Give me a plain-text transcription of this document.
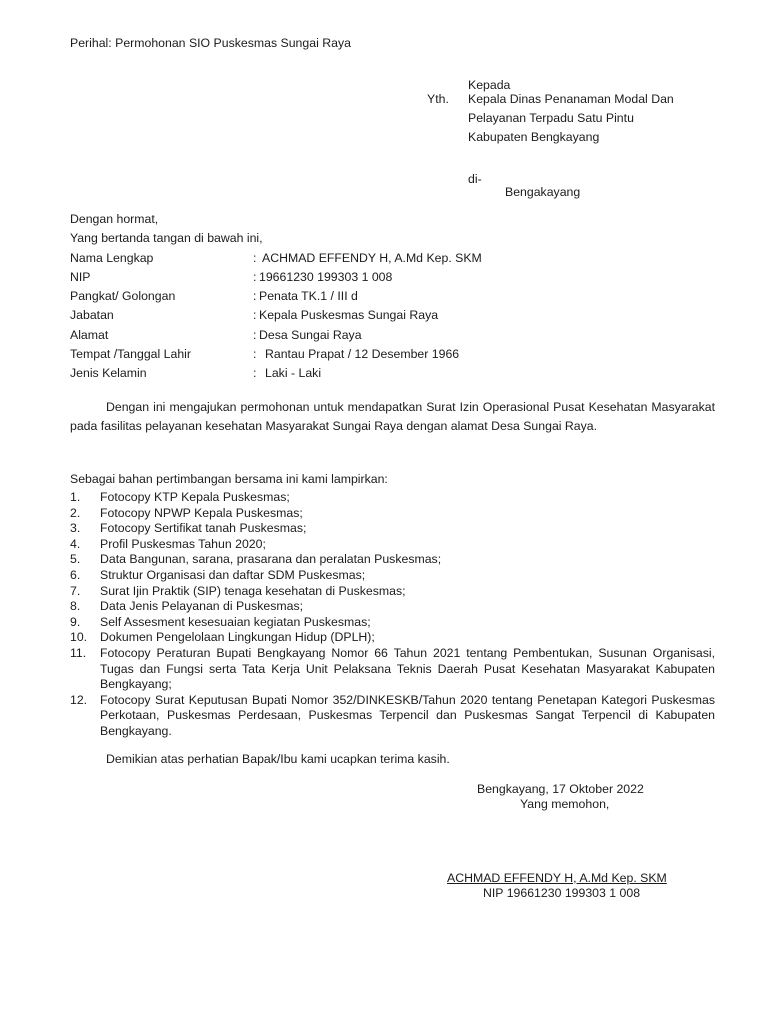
Perihal: Permohonan SIO Puskesmas Sungai Raya
Kepada
Yth. Kepala Dinas Penanaman Modal Dan
Pelayanan Terpadu Satu Pintu
Kabupaten Bengkayang
di-
Bengakayang
Dengan hormat,
Yang bertanda tangan di bawah ini,
Nama Lengkap	: ACHMAD EFFENDY H, A.Md Kep. SKM
NIP	: 19661230 199303 1 008
Pangkat/ Golongan	: Penata TK.1 / III d
Jabatan	: Kepala Puskesmas Sungai Raya
Alamat	: Desa Sungai Raya
Tempat /Tanggal Lahir	: Rantau Prapat / 12 Desember 1966
Jenis Kelamin	: Laki - Laki
Dengan ini mengajukan permohonan untuk mendapatkan Surat Izin Operasional Pusat Kesehatan Masyarakat pada fasilitas pelayanan kesehatan Masyarakat Sungai Raya dengan alamat Desa Sungai Raya.
Sebagai bahan pertimbangan bersama ini kami lampirkan:
1. Fotocopy KTP Kepala Puskesmas;
2. Fotocopy NPWP Kepala Puskesmas;
3. Fotocopy Sertifikat tanah Puskesmas;
4. Profil Puskesmas Tahun 2020;
5. Data Bangunan, sarana, prasarana dan peralatan Puskesmas;
6. Struktur Organisasi dan daftar SDM Puskesmas;
7. Surat Ijin Praktik (SIP) tenaga kesehatan di Puskesmas;
8. Data Jenis Pelayanan di Puskesmas;
9. Self Assesment kesesuaian kegiatan Puskesmas;
10. Dokumen Pengelolaan Lingkungan Hidup (DPLH);
11. Fotocopy Peraturan Bupati Bengkayang Nomor 66 Tahun 2021 tentang Pembentukan, Susunan Organisasi, Tugas dan Fungsi serta Tata Kerja Unit Pelaksana Teknis Daerah Pusat Kesehatan Masyarakat Kabupaten Bengkayang;
12. Fotocopy Surat Keputusan Bupati Nomor 352/DINKESKB/Tahun 2020 tentang Penetapan Kategori Puskesmas Perkotaan, Puskesmas Perdesaan, Puskesmas Terpencil dan Puskesmas Sangat Terpencil di Kabupaten Bengkayang.
Demikian atas perhatian Bapak/Ibu kami ucapkan terima kasih.
Bengkayang, 17 Oktober 2022
Yang memohon,
ACHMAD EFFENDY H, A.Md Kep. SKM
NIP 19661230 199303 1 008
